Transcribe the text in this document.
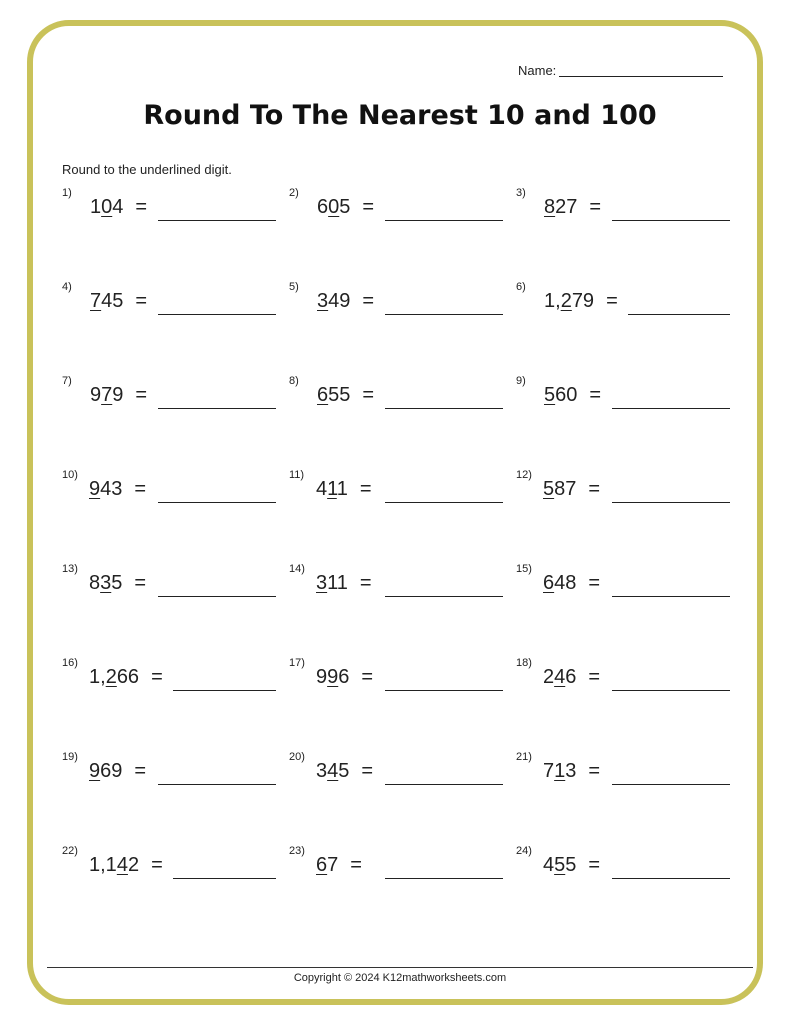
Name:
Round To The Nearest 10 and 100
Round to the underlined digit.
1)
104 =
2)
605 =
3)
827 =
4)
745 =
5)
349 =
6)
1,279 =
7)
979 =
8)
655 =
9)
560 =
10)
943 =
11)
411 =
12)
587 =
13)
835 =
14)
311 =
15)
648 =
16)
1,266 =
17)
996 =
18)
246 =
19)
969 =
20)
345 =
21)
713 =
22)
1,142 =
23)
67 =
24)
455 =
Copyright © 2024 K12mathworksheets.com
